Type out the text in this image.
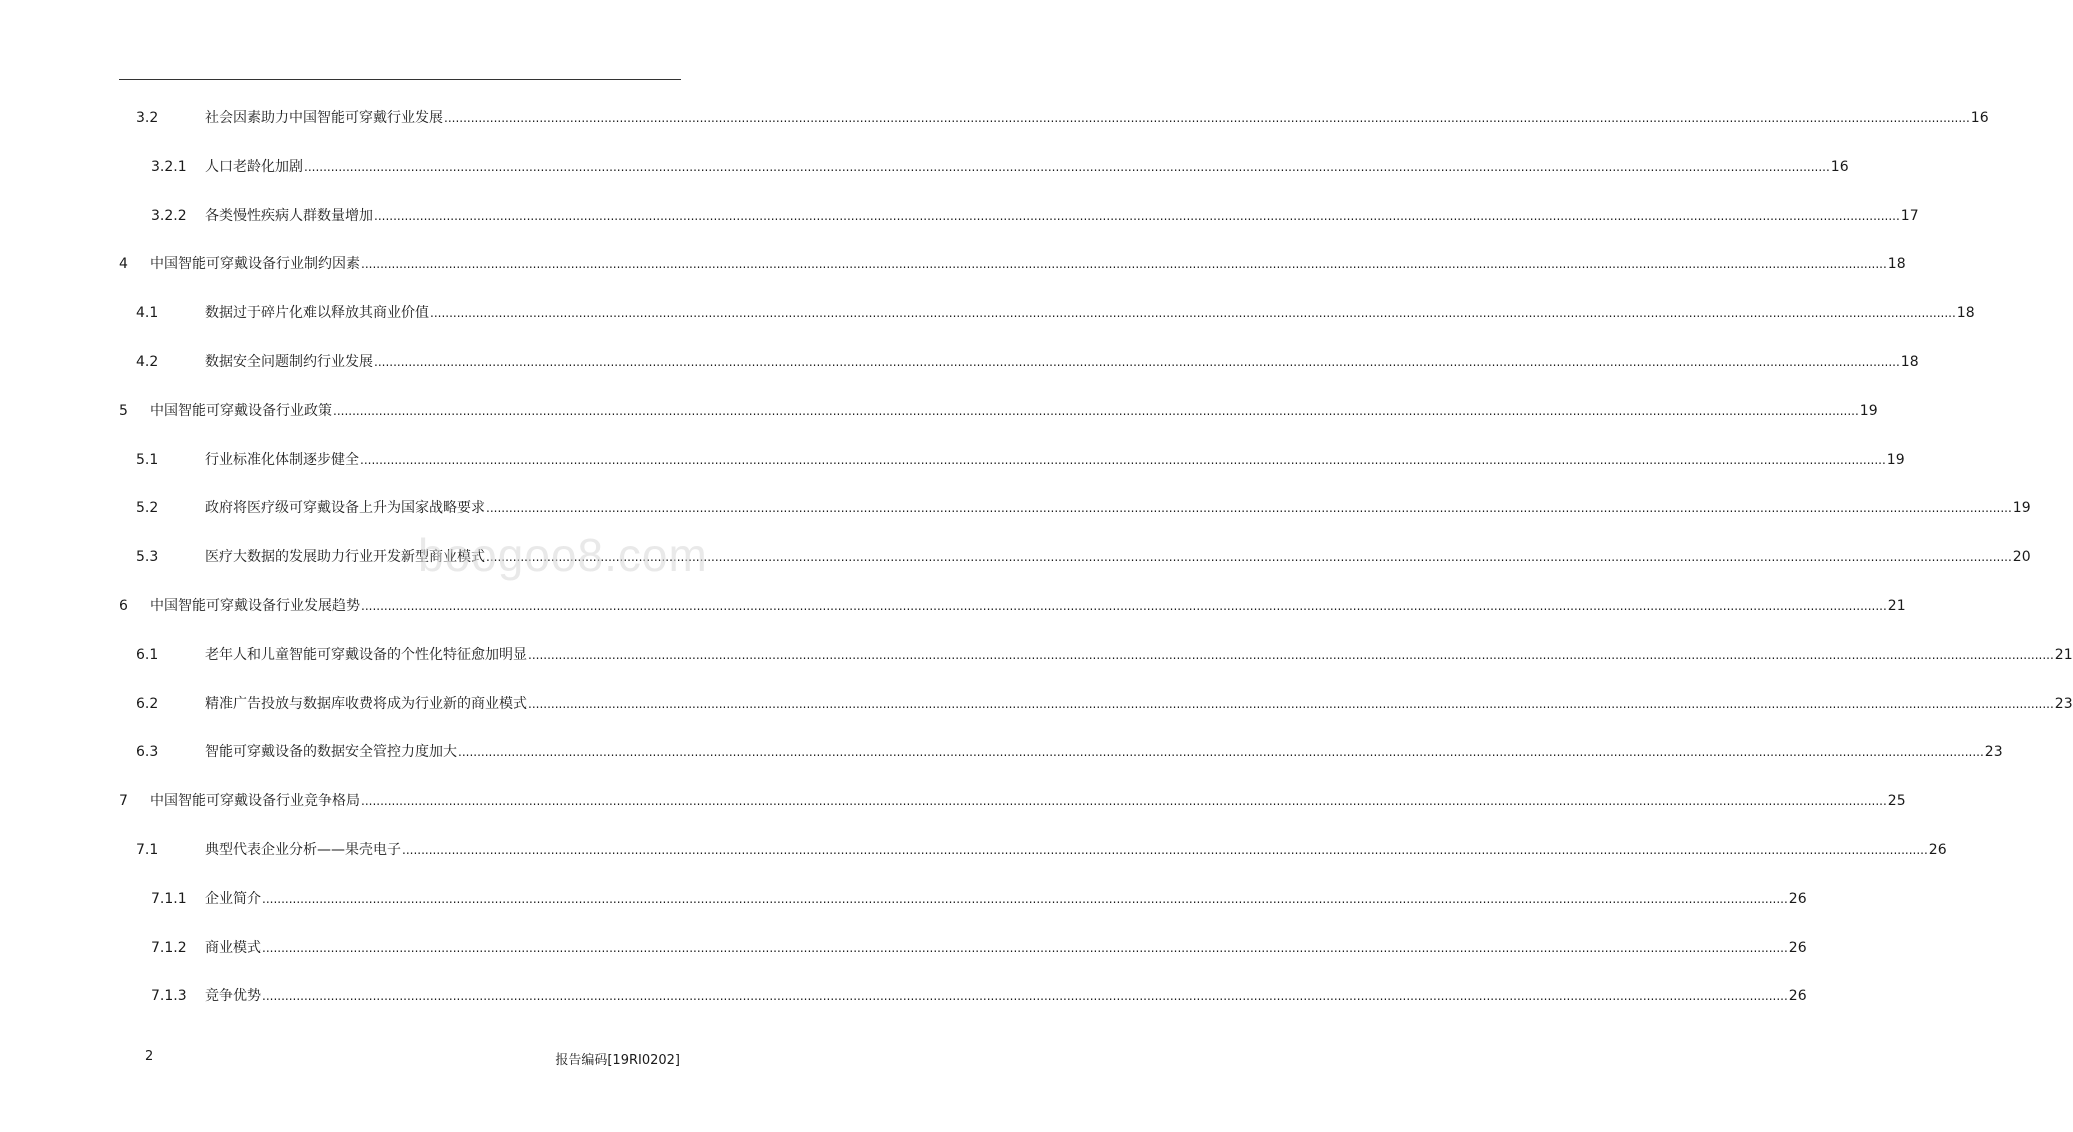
3.2	社会因素助力中国智能可穿戴行业发展 ................................................................................................................................................................................................................................................................................................................................................................................................................ 16
3.2.1 人口老龄化加剧 ................................................................................................................................................................................................................................................................................................................................................................................................................ 16
3.2.2 各类慢性疾病人群数量增加 ................................................................................................................................................................................................................................................................................................................................................................................................................ 17
4 中国智能可穿戴设备行业制约因素 ................................................................................................................................................................................................................................................................................................................................................................................................................ 18
4.1	数据过于碎片化难以释放其商业价值 ................................................................................................................................................................................................................................................................................................................................................................................................................ 18
4.2	数据安全问题制约行业发展 ................................................................................................................................................................................................................................................................................................................................................................................................................ 18
5 中国智能可穿戴设备行业政策 ................................................................................................................................................................................................................................................................................................................................................................................................................ 19
5.1	行业标准化体制逐步健全 ................................................................................................................................................................................................................................................................................................................................................................................................................ 19
5.2	政府将医疗级可穿戴设备上升为国家战略要求 ................................................................................................................................................................................................................................................................................................................................................................................................................ 19
5.3	医疗大数据的发展助力行业开发新型商业模式 ................................................................................................................................................................................................................................................................................................................................................................................................................ 20
6 中国智能可穿戴设备行业发展趋势 ................................................................................................................................................................................................................................................................................................................................................................................................................ 21
6.1	老年人和儿童智能可穿戴设备的个性化特征愈加明显 ................................................................................................................................................................................................................................................................................................................................................................................................................ 21
6.2	精准广告投放与数据库收费将成为行业新的商业模式 ................................................................................................................................................................................................................................................................................................................................................................................................................ 23
6.3	智能可穿戴设备的数据安全管控力度加大 ................................................................................................................................................................................................................................................................................................................................................................................................................ 23
7 中国智能可穿戴设备行业竞争格局 ................................................................................................................................................................................................................................................................................................................................................................................................................ 25
7.1	典型代表企业分析——果壳电子 ................................................................................................................................................................................................................................................................................................................................................................................................................ 26
7.1.1 企业简介 ................................................................................................................................................................................................................................................................................................................................................................................................................ 26
7.1.2 商业模式 ................................................................................................................................................................................................................................................................................................................................................................................................................ 26
7.1.3 竞争优势 ................................................................................................................................................................................................................................................................................................................................................................................................................ 26
boogoo8.com
2	报告编码[19RI0202]
